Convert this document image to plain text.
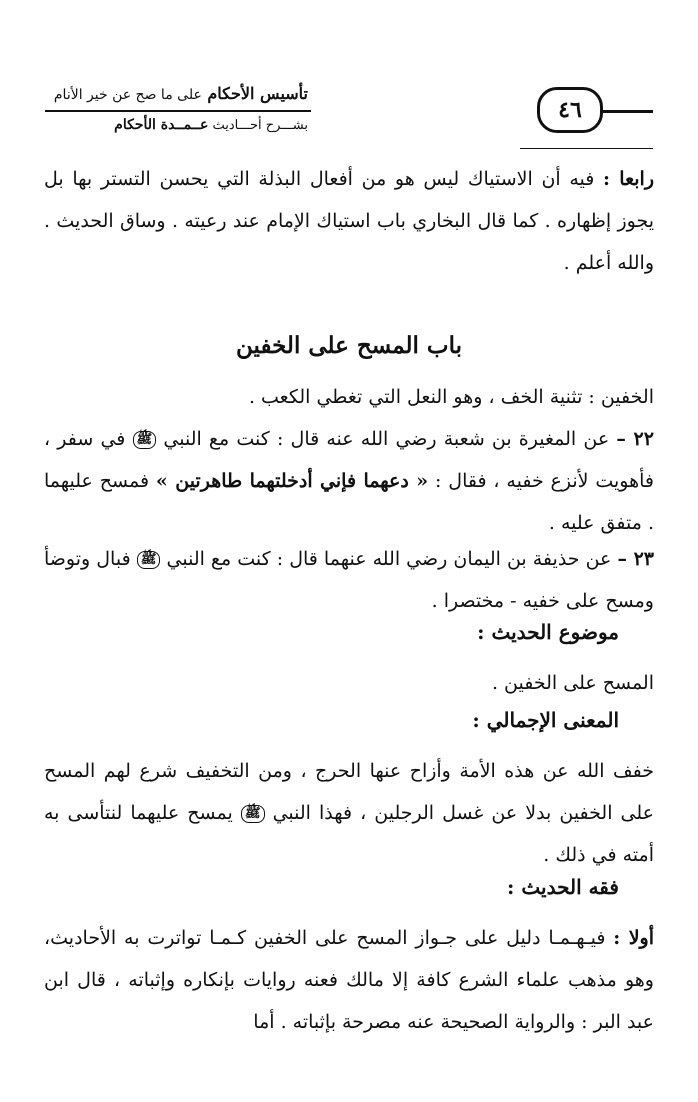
تأسيس الأحكام على ما صح عن خير الأنام
بشـــرح أحـــاديث عــمــدة الأحكام
٤٦
رابعا : فيه أن الاستياك ليس هو من أفعال البذلة التي يحسن التستر بها بل يجوز إظهاره . كما قال البخاري باب استياك الإمام عند رعيته . وساق الحديث . والله أعلم .
باب المسح على الخفين
الخفين : تثنية الخف ، وهو النعل التي تغطي الكعب .
٢٢ – عن المغيرة بن شعبة رضي الله عنه قال : كنت مع النبي ﷺ في سفر ، فأهويت لأنزع خفيه ، فقال : « دعهما فإني أدخلتهما طاهرتين » فمسح عليهما . متفق عليه .
٢٣ – عن حذيفة بن اليمان رضي الله عنهما قال : كنت مع النبي ﷺ فبال وتوضأ ومسح على خفيه - مختصرا .
موضوع الحديث :
المسح على الخفين .
المعنى الإجمالي :
خفف الله عن هذه الأمة وأزاح عنها الحرج ، ومن التخفيف شرع لهم المسح على الخفين بدلا عن غسل الرجلين ، فهذا النبي ﷺ يمسح عليهما لنتأسى به أمته في ذلك .
فقه الحديث :
أولا : فيـهـمـا دليل على جـواز المسح على الخفين كـمـا تواترت به الأحاديث، وهو مذهب علماء الشرع كافة إلا مالك فعنه روايات بإنكاره وإثباته ، قال ابن عبد البر : والرواية الصحيحة عنه مصرحة بإثباته . أما
